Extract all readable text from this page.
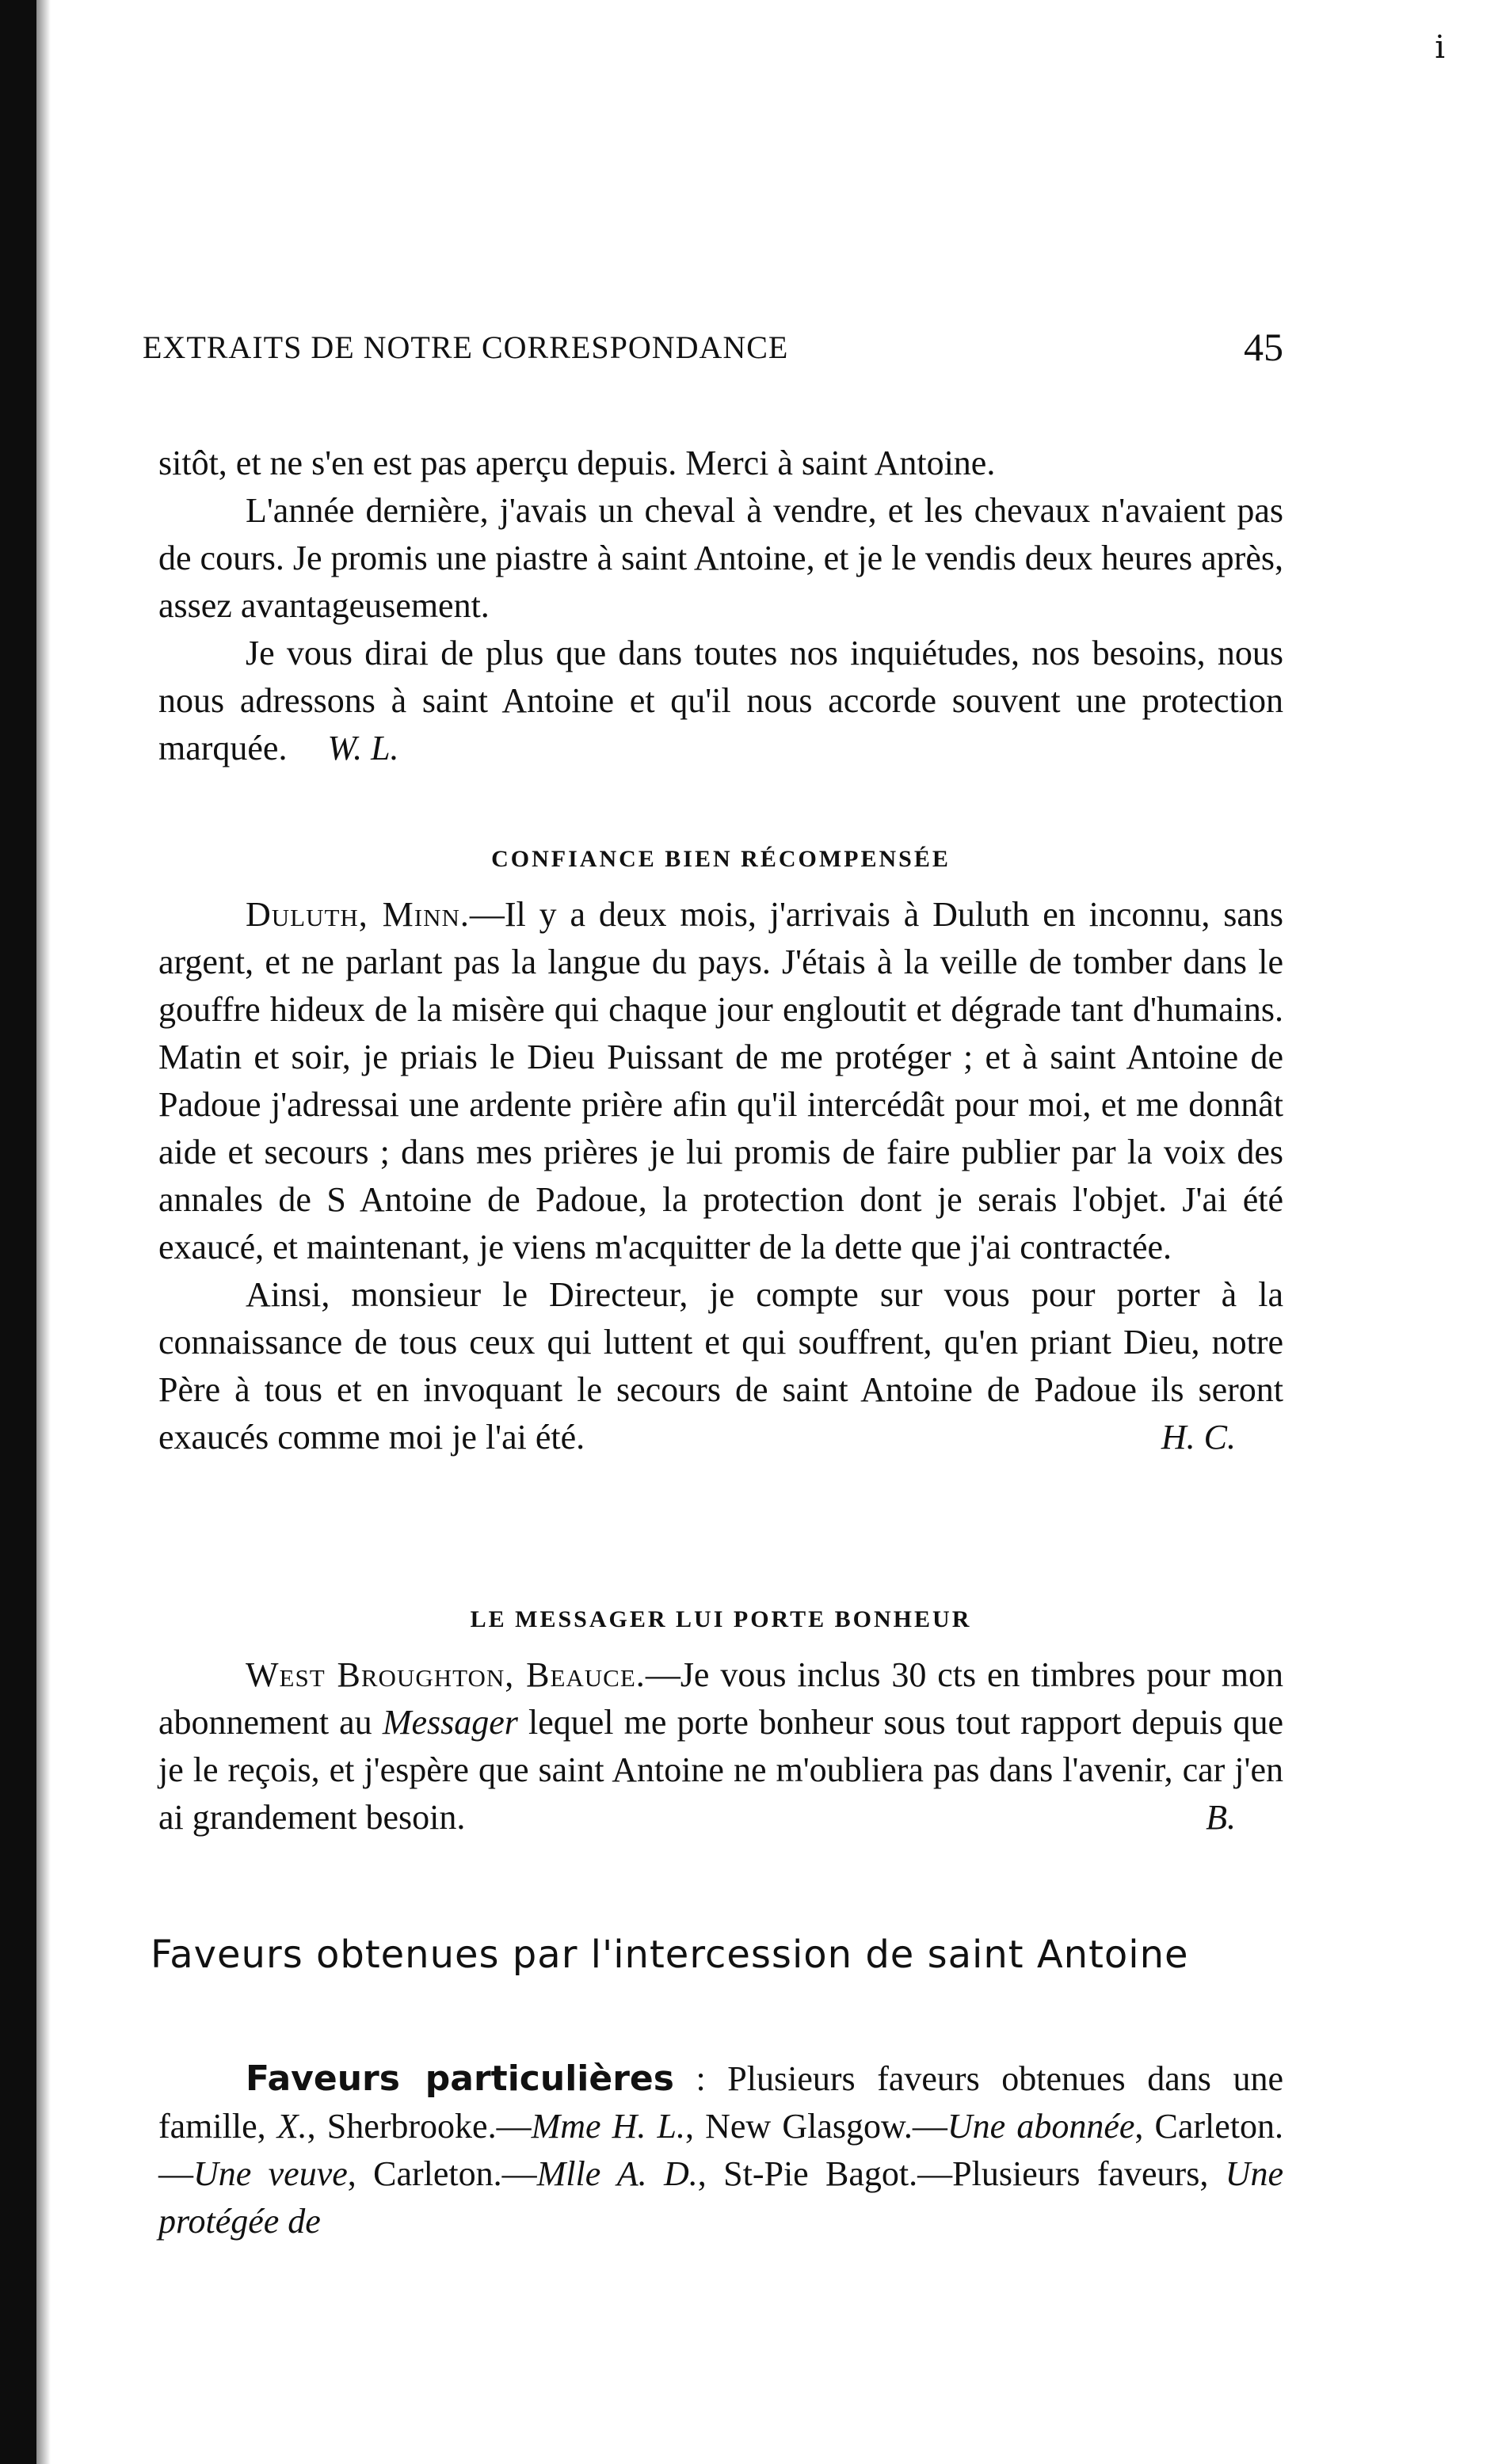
i
EXTRAITS DE NOTRE CORRESPONDANCE	45

sitôt, et ne s'en est pas aperçu depuis. Merci à saint Antoine.

L'année dernière, j'avais un cheval à vendre, et les chevaux n'avaient pas de cours. Je promis une piastre à saint Antoine, et je le vendis deux heures après, assez avantageusement.

Je vous dirai de plus que dans toutes nos inquiétudes, nos besoins, nous nous adressons à saint Antoine et qu'il nous accorde souvent une protection marquée. W. L.

CONFIANCE BIEN RÉCOMPENSÉE

Duluth, Minn.—Il y a deux mois, j'arrivais à Duluth en inconnu, sans argent, et ne parlant pas la langue du pays. J'étais à la veille de tomber dans le gouffre hideux de la misère qui chaque jour engloutit et dégrade tant d'humains. Matin et soir, je priais le Dieu Puissant de me protéger ; et à saint Antoine de Padoue j'adressai une ardente prière afin qu'il intercédât pour moi, et me donnât aide et secours ; dans mes prières je lui promis de faire publier par la voix des annales de S Antoine de Padoue, la protection dont je serais l'objet. J'ai été exaucé, et maintenant, je viens m'acquitter de la dette que j'ai contractée.

Ainsi, monsieur le Directeur, je compte sur vous pour porter à la connaissance de tous ceux qui luttent et qui souffrent, qu'en priant Dieu, notre Père à tous et en invoquant le secours de saint Antoine de Padoue ils seront exaucés comme moi je l'ai été.	H. C.

LE MESSAGER LUI PORTE BONHEUR

West Broughton, Beauce.—Je vous inclus 30 cts en timbres pour mon abonnement au Messager lequel me porte bonheur sous tout rapport depuis que je le reçois, et j'espère que saint Antoine ne m'oubliera pas dans l'avenir, car j'en ai grandement besoin.	B.

Faveurs obtenues par l'intercession de saint Antoine

Faveurs particulières : Plusieurs faveurs obtenues dans une famille, X., Sherbrooke.—Mme H. L., New Glasgow.—Une abonnée, Carleton.—Une veuve, Carleton.—Mlle A. D., St-Pie Bagot.—Plusieurs faveurs, Une protégée de
